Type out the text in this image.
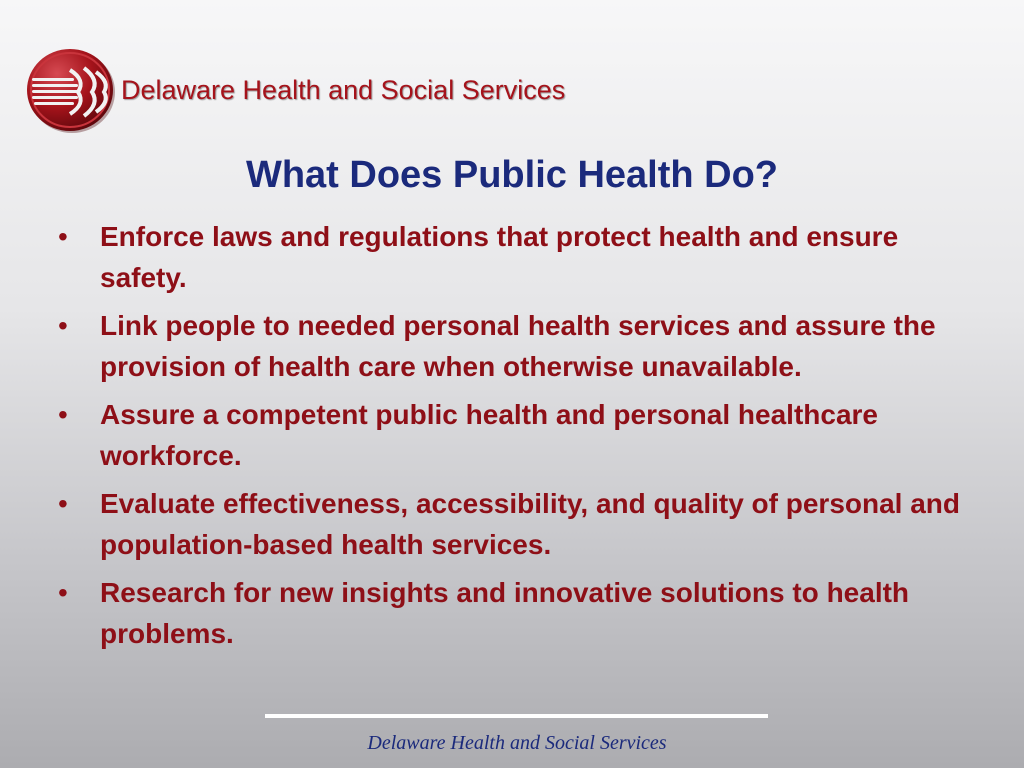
Delaware Health and Social Services
What Does Public Health Do?
•	Enforce laws and regulations that protect health and ensure safety.
•	Link people to needed personal health services and assure the provision of health care when otherwise unavailable.
•	Assure a competent public health and personal healthcare workforce.
•	Evaluate effectiveness, accessibility, and quality of personal and population-based health services.
•	Research for new insights and innovative solutions to health problems.
Delaware Health and Social Services
